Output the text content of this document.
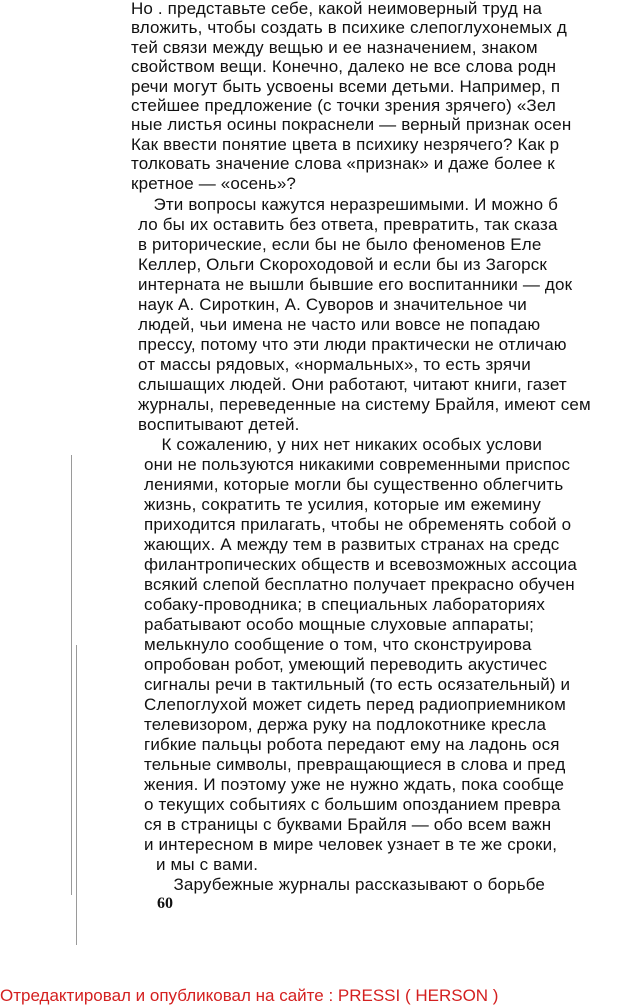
Но . представьте себе, какой неимоверный труд на
вложить, чтобы создать в психике слепоглухонемых д
тей связи между вещью и ее назначением, знаком
свойством вещи. Конечно, далеко не все слова родн
речи могут быть усвоены всеми детьми. Например, п
стейшее предложение (с точки зрения зрячего) «Зел
ные листья осины покраснели — верный признак осен
Как ввести понятие цвета в психику незрячего? Как р
толковать значение слова «признак» и даже более к
кретное — «осень»?
Эти вопросы кажутся неразрешимыми. И можно б
ло бы их оставить без ответа, превратить, так сказа
в риторические, если бы не было феноменов Еле
Келлер, Ольги Скороходовой и если бы из Загорск
интерната не вышли бывшие его воспитанники — док
наук А. Сироткин, А. Суворов и значительное чи
людей, чьи имена не часто или вовсе не попадаю
прессу, потому что эти люди практически не отличаю
от массы рядовых, «нормальных», то есть зрячи
слышащих людей. Они работают, читают книги, газет
журналы, переведенные на систему Брайля, имеют сем
воспитывают детей.
К сожалению, у них нет никаких особых услови
они не пользуются никакими современными приспос
лениями, которые могли бы существенно облегчить
жизнь, сократить те усилия, которые им ежемину
приходится прилагать, чтобы не обременять собой о
жающих. А между тем в развитых странах на средс
филантропических обществ и всевозможных ассоциа
всякий слепой бесплатно получает прекрасно обучен
собаку-проводника; в специальных лабораториях
рабатывают особо мощные слуховые аппараты;
мелькнуло сообщение о том, что сконструирова
опробован робот, умеющий переводить акустичес
сигналы речи в тактильный (то есть осязательный) и
Слепоглухой может сидеть перед радиоприемником
телевизором, держа руку на подлокотнике кресла
гибкие пальцы робота передают ему на ладонь ося
тельные символы, превращающиеся в слова и пред
жения. И поэтому уже не нужно ждать, пока сообще
о текущих событиях с большим опозданием превра
ся в страницы с буквами Брайля — обо всем важн
и интересном в мире человек узнает в те же сроки,
и мы с вами.
Зарубежные журналы рассказывают о борьбе
60
Отредактировал и опубликовал на сайте : PRESSI ( HERSON )
